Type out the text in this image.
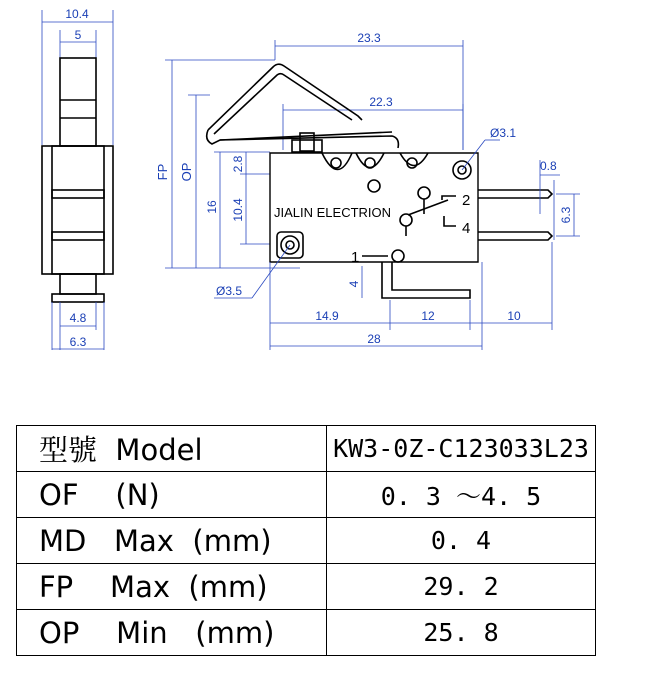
10.4
5
4.8
6.3
FP OP
16
2.8
10.4
23.3
22.3
Ø3.1
Ø3.5
JIALIN ELECTRION
2
4
1
0.8
6.3
4
14.9	12	10
28
型號  Model	KW3-0Z-C123033L23
OF    (N)	0. 3 ～4. 5
MD   Max  (mm)	0. 4
FP    Max  (mm)	29. 2
OP    Min   (mm)	25. 8
